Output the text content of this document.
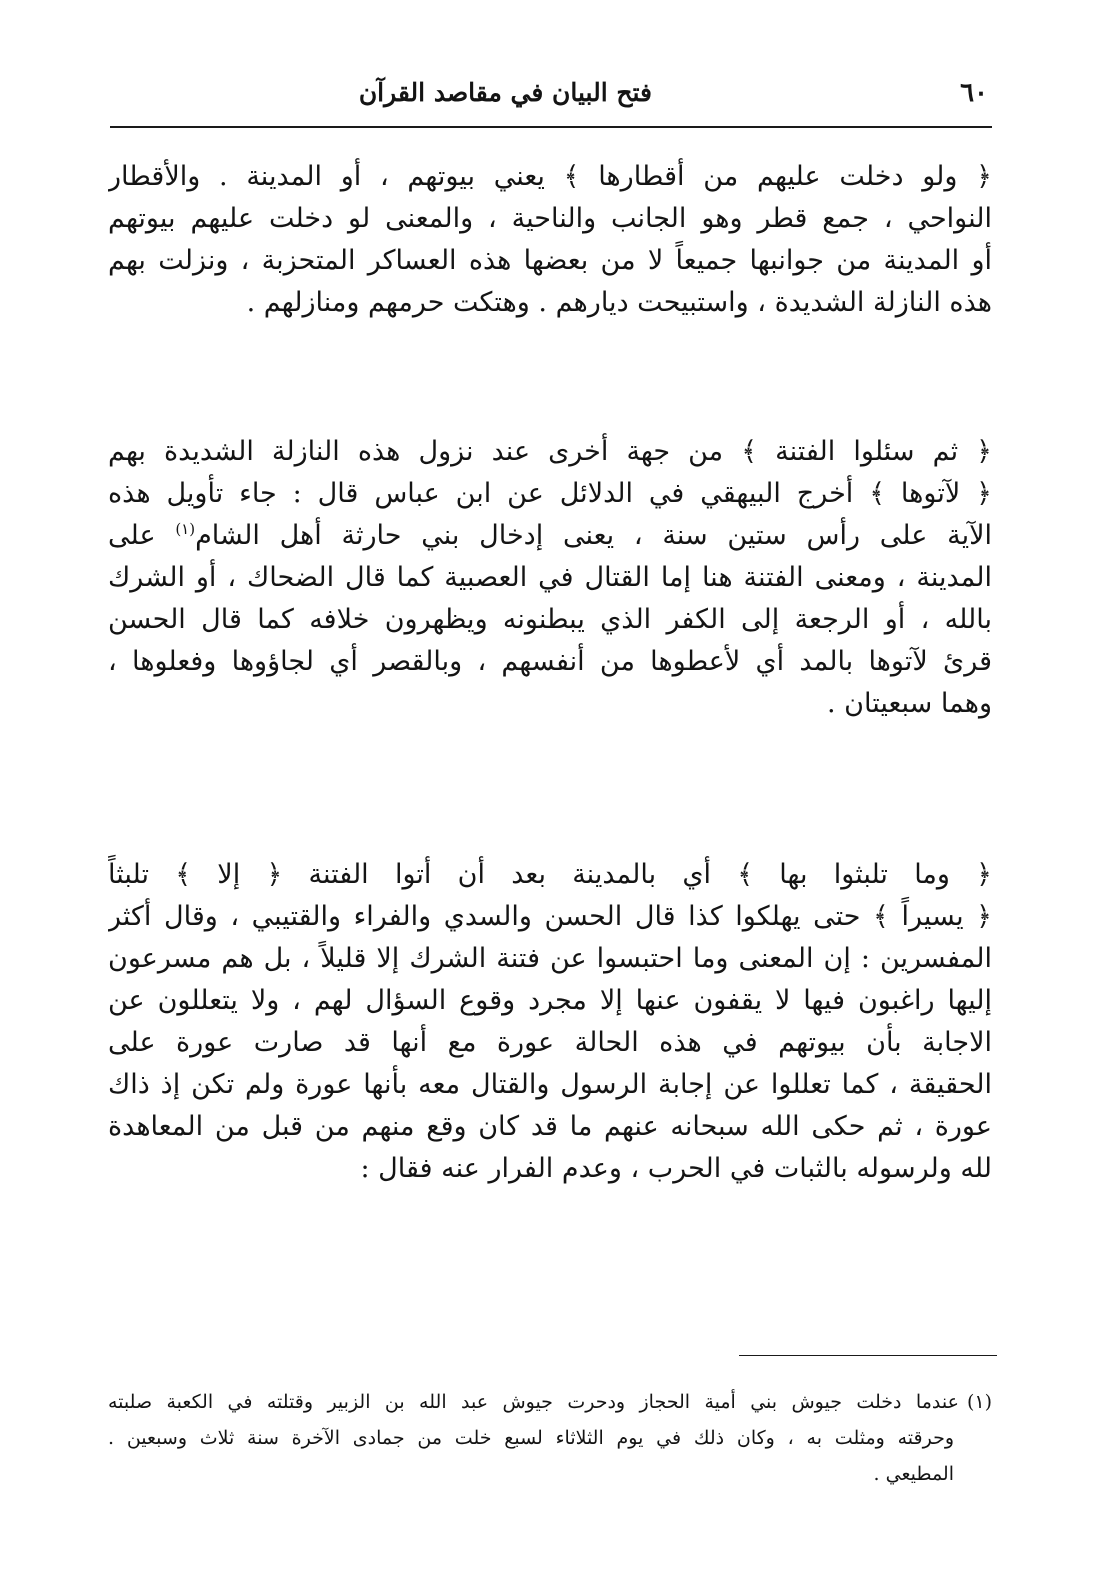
٦٠
فتح البيان في مقاصد القرآن
﴿ ولو دخلت عليهم من أقطارها ﴾ يعني بيوتهم ، أو المدينة . والأقطار
النواحي ، جمع قطر وهو الجانب والناحية ، والمعنى لو دخلت عليهم بيوتهم
أو المدينة من جوانبها جميعاً لا من بعضها هذه العساكر المتحزبة ، ونزلت بهم
هذه النازلة الشديدة ، واستبيحت ديارهم . وهتكت حرمهم ومنازلهم .
﴿ ثم سئلوا الفتنة ﴾ من جهة أخرى عند نزول هذه النازلة الشديدة بهم
﴿ لآتوها ﴾ أخرج البيهقي في الدلائل عن ابن عباس قال : جاء تأويل هذه
الآية على رأس ستين سنة ، يعنى إدخال بني حارثة أهل الشام$^{(١)}$ على
المدينة ، ومعنى الفتنة هنا إما القتال في العصبية كما قال الضحاك ، أو الشرك
بالله ، أو الرجعة إلى الكفر الذي يبطنونه ويظهرون خلافه كما قال الحسن
قرئ لآتوها بالمد أي لأعطوها من أنفسهم ، وبالقصر أي لجاؤوها وفعلوها ،
وهما سبعيتان .
﴿ وما تلبثوا بها ﴾ أي بالمدينة بعد أن أتوا الفتنة ﴿ إلا ﴾ تلبثاً
﴿ يسيراً ﴾ حتى يهلكوا كذا قال الحسن والسدي والفراء والقتيبي ، وقال أكثر
المفسرين : إن المعنى وما احتبسوا عن فتنة الشرك إلا قليلاً ، بل هم مسرعون
إليها راغبون فيها لا يقفون عنها إلا مجرد وقوع السؤال لهم ، ولا يتعللون عن
الاجابة بأن بيوتهم في هذه الحالة عورة مع أنها قد صارت عورة على
الحقيقة ، كما تعللوا عن إجابة الرسول والقتال معه بأنها عورة ولم تكن إذ ذاك
عورة ، ثم حكى الله سبحانه عنهم ما قد كان وقع منهم من قبل من المعاهدة
لله ولرسوله بالثبات في الحرب ، وعدم الفرار عنه فقال :
(١)عندما دخلت جيوش بني أمية الحجاز ودحرت جيوش عبد الله بن الزبير وقتلته في الكعبة صلبته
وحرقته ومثلت به ، وكان ذلك في يوم الثلاثاء لسبع خلت من جمادى الآخرة سنة ثلاث وسبعين .
المطيعي .
